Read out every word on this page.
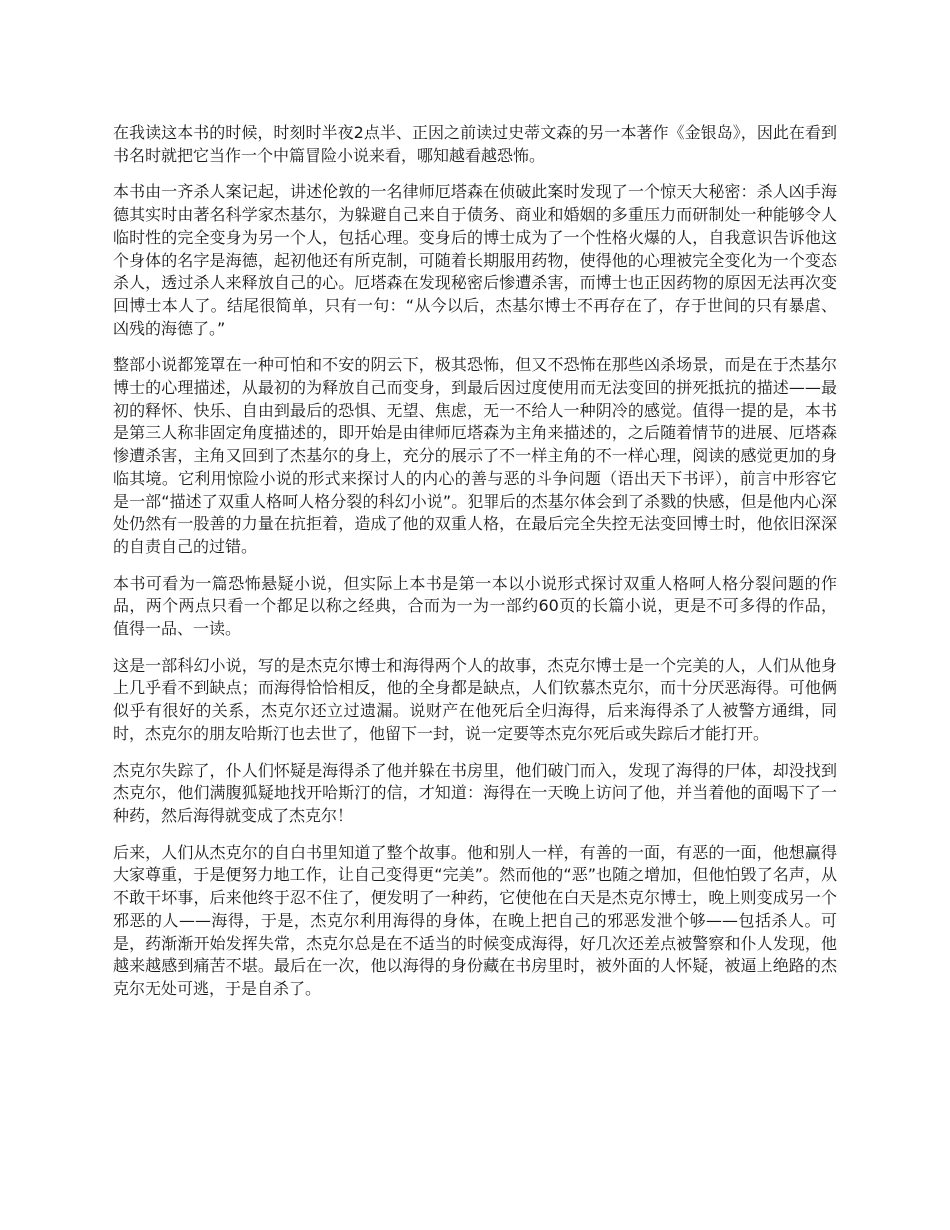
在我读这本书的时候，时刻时半夜2点半、正因之前读过史蒂文森的另一本著作《金银岛》，因此在看到书名时就把它当作一个中篇冒险小说来看，哪知越看越恐怖。

本书由一齐杀人案记起，讲述伦敦的一名律师厄塔森在侦破此案时发现了一个惊天大秘密：杀人凶手海德其实时由著名科学家杰基尔，为躲避自己来自于债务、商业和婚姻的多重压力而研制处一种能够令人临时性的完全变身为另一个人，包括心理。变身后的博士成为了一个性格火爆的人，自我意识告诉他这个身体的名字是海德，起初他还有所克制，可随着长期服用药物，使得他的心理被完全变化为一个变态杀人，透过杀人来释放自己的心。厄塔森在发现秘密后惨遭杀害，而博士也正因药物的原因无法再次变回博士本人了。结尾很简单，只有一句：“从今以后，杰基尔博士不再存在了，存于世间的只有暴虐、凶残的海德了。”

整部小说都笼罩在一种可怕和不安的阴云下，极其恐怖，但又不恐怖在那些凶杀场景，而是在于杰基尔博士的心理描述，从最初的为释放自己而变身，到最后因过度使用而无法变回的拼死抵抗的描述——最初的释怀、快乐、自由到最后的恐惧、无望、焦虑，无一不给人一种阴冷的感觉。值得一提的是，本书是第三人称非固定角度描述的，即开始是由律师厄塔森为主角来描述的，之后随着情节的进展、厄塔森惨遭杀害，主角又回到了杰基尔的身上，充分的展示了不一样主角的不一样心理，阅读的感觉更加的身临其境。它利用惊险小说的形式来探讨人的内心的善与恶的斗争问题（语出天下书评），前言中形容它是一部“描述了双重人格呵人格分裂的科幻小说”。犯罪后的杰基尔体会到了杀戮的快感，但是他内心深处仍然有一股善的力量在抗拒着，造成了他的双重人格，在最后完全失控无法变回博士时，他依旧深深的自责自己的过错。

本书可看为一篇恐怖悬疑小说，但实际上本书是第一本以小说形式探讨双重人格呵人格分裂问题的作品，两个两点只看一个都足以称之经典，合而为一为一部约60页的长篇小说，更是不可多得的作品，值得一品、一读。

这是一部科幻小说，写的是杰克尔博士和海得两个人的故事，杰克尔博士是一个完美的人，人们从他身上几乎看不到缺点；而海得恰恰相反，他的全身都是缺点，人们钦慕杰克尔，而十分厌恶海得。可他俩似乎有很好的关系，杰克尔还立过遗漏。说财产在他死后全归海得，后来海得杀了人被警方通缉，同时，杰克尔的朋友哈斯汀也去世了，他留下一封，说一定要等杰克尔死后或失踪后才能打开。

杰克尔失踪了，仆人们怀疑是海得杀了他并躲在书房里，他们破门而入，发现了海得的尸体，却没找到杰克尔，他们满腹狐疑地找开哈斯汀的信，才知道：海得在一天晚上访问了他，并当着他的面喝下了一种药，然后海得就变成了杰克尔！

后来，人们从杰克尔的自白书里知道了整个故事。他和别人一样，有善的一面，有恶的一面，他想赢得大家尊重，于是便努力地工作，让自己变得更“完美”。然而他的“恶”也随之增加，但他怕毁了名声，从不敢干坏事，后来他终于忍不住了，便发明了一种药，它使他在白天是杰克尔博士，晚上则变成另一个邪恶的人——海得，于是，杰克尔利用海得的身体，在晚上把自己的邪恶发泄个够——包括杀人。可是，药渐渐开始发挥失常，杰克尔总是在不适当的时候变成海得，好几次还差点被警察和仆人发现，他越来越感到痛苦不堪。最后在一次，他以海得的身份藏在书房里时，被外面的人怀疑，被逼上绝路的杰克尔无处可逃，于是自杀了。
